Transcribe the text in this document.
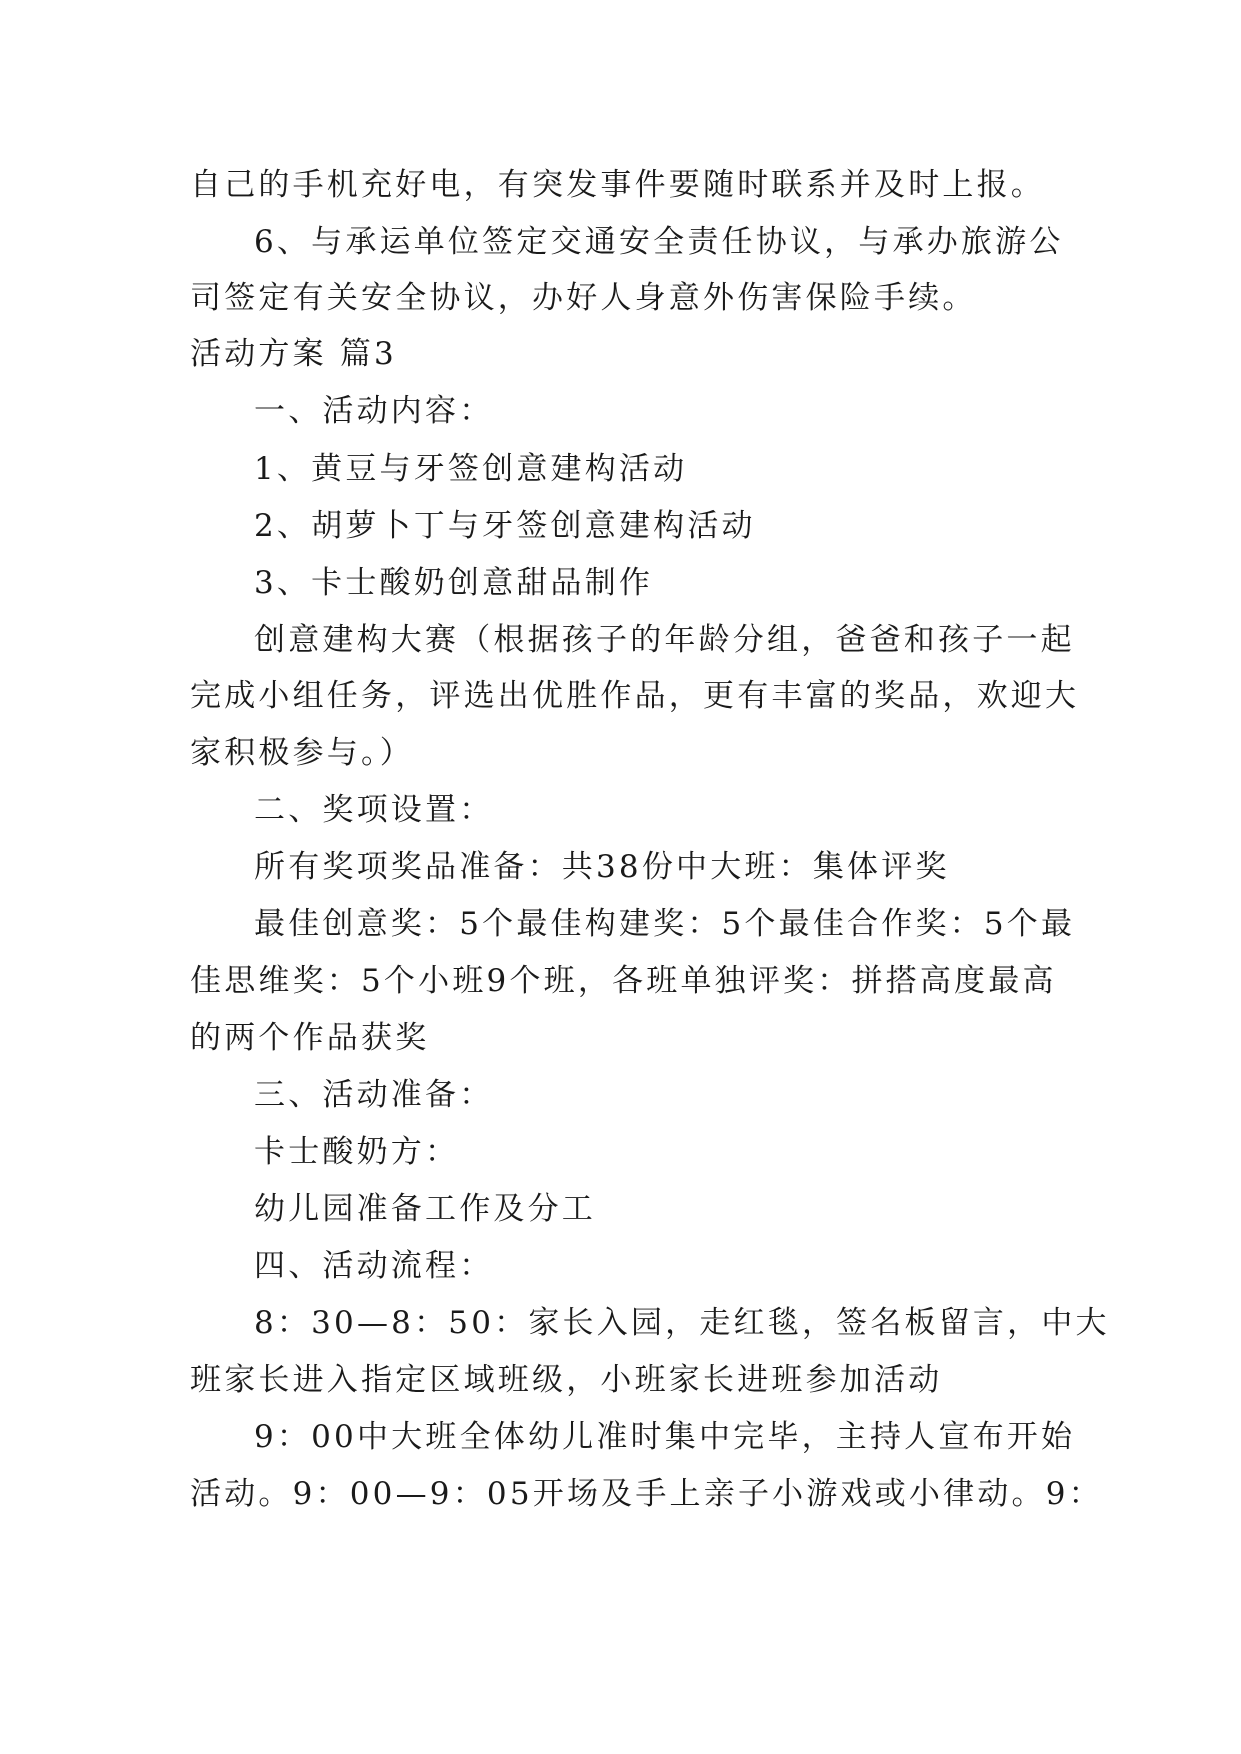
自己的手机充好电，有突发事件要随时联系并及时上报。
6、与承运单位签定交通安全责任协议，与承办旅游公
司签定有关安全协议，办好人身意外伤害保险手续。
活动方案 篇3
一、活动内容：
1、黄豆与牙签创意建构活动
2、胡萝卜丁与牙签创意建构活动
3、卡士酸奶创意甜品制作
创意建构大赛（根据孩子的年龄分组，爸爸和孩子一起
完成小组任务，评选出优胜作品，更有丰富的奖品，欢迎大
家积极参与。）
二、奖项设置：
所有奖项奖品准备：共38份中大班：集体评奖
最佳创意奖：5个最佳构建奖：5个最佳合作奖：5个最
佳思维奖：5个小班9个班，各班单独评奖：拼搭高度最高
的两个作品获奖
三、活动准备：
卡士酸奶方：
幼儿园准备工作及分工
四、活动流程：
8：30—8：50：家长入园，走红毯，签名板留言，中大
班家长进入指定区域班级，小班家长进班参加活动
9：00中大班全体幼儿准时集中完毕，主持人宣布开始
活动。9：00—9：05开场及手上亲子小游戏或小律动。9：
